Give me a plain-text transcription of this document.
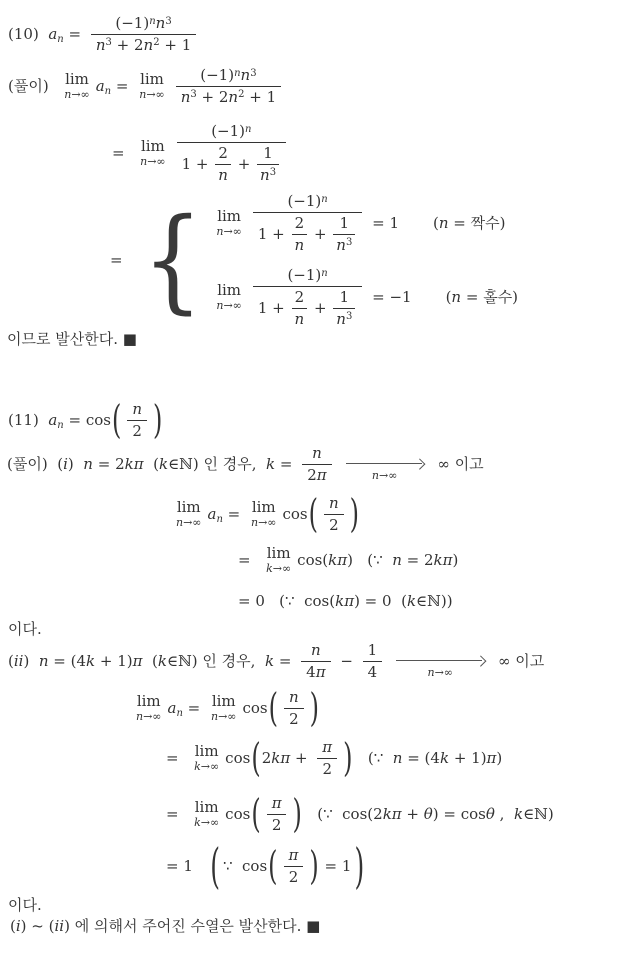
(10)  $a_n = \frac{(-1)^nn^3}{n^3 + 2n^2 + 1}$
(풀이) lim
n→∞ $a_n = \lim$
$n\to\infty \frac{(-1)^nn^3}{n^3 + 2n^2 + 1}$
= lim
n→∞
$(-1)^n$
$1 + \frac{2}{n} + \frac{1}{n^3}$
= { lim
n→∞
$(-1)^n$
$1 + \frac{2}{n} + \frac{1}{n^3} = 1$ (n = 짝수)
lim
n→∞
$(-1)^n$
$1 + \frac{2}{n} + \frac{1}{n^3} = -1$ (n = 홀수)
이므로 발산한다. ■
(11)  $a_n = \cos$ ( $\frac{n}{2}$ )
(풀이) (i)  n = 2kπ  (k∈ℕ) 인 경우,  $k = \frac{n}{2\pi}$	n→∞
∞ 이고
lim
n→∞ $a_n = \lim$
n→∞ cos ( $\frac{n}{2}$ )
= lim
k→∞ cos(kπ) (∵  n = 2kπ)
= 0   (∵  cos(kπ) = 0  (k∈ℕ))
이다.
(ii)  n = (4k + 1)π  (k∈ℕ) 인 경우,  $k = \frac{n}{4\pi} - \frac{1}{4}$	n→∞
∞ 이고
lim
n→∞ $a_n = \lim$
n→∞ cos ( $\frac{n}{2}$ )
= lim
k→∞ cos ( $2k\pi + \frac{\pi}{2}$ ) (∵  n = (4k + 1)π)
= lim
k→∞ cos ( $\frac{\pi}{2}$ ) (∵  cos(2kπ + θ) = cosθ ,  k∈ℕ)
= 1 ( ∵  cos ( $\frac{\pi}{2}$ ) = 1 )
이다.
(i) ~ (ii) 에 의해서 주어진 수열은 발산한다. ■
